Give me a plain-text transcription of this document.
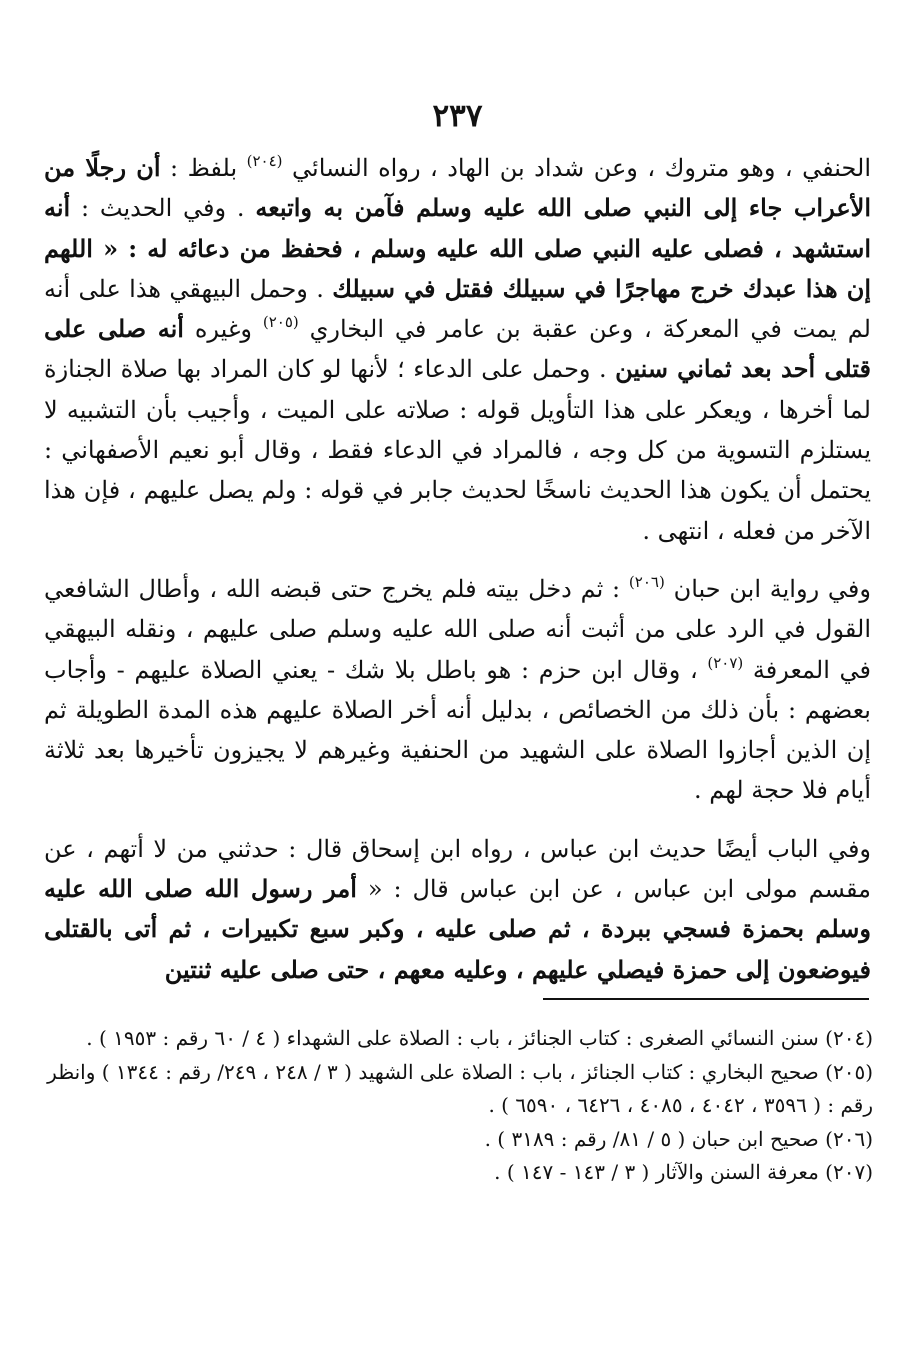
٢٣٧

الحنفي ، وهو متروك ، وعن شداد بن الهاد ، رواه النسائي $^{(٢٠٤)}$ بلفظ : أن رجلًا من الأعراب جاء إلى النبي صلى الله عليه وسلم فآمن به واتبعه . وفي الحديث : أنه استشهد ، فصلى عليه النبي صلى الله عليه وسلم ، فحفظ من دعائه له : « اللهم إن هذا عبدك خرج مهاجرًا في سبيلك فقتل في سبيلك . وحمل البيهقي هذا على أنه لم يمت في المعركة ، وعن عقبة بن عامر في البخاري $^{(٢٠٥)}$ وغيره أنه صلى على قتلى أحد بعد ثماني سنين . وحمل على الدعاء ؛ لأنها لو كان المراد بها صلاة الجنازة لما أخرها ، ويعكر على هذا التأويل قوله : صلاته على الميت ، وأجيب بأن التشبيه لا يستلزم التسوية من كل وجه ، فالمراد في الدعاء فقط ، وقال أبو نعيم الأصفهاني : يحتمل أن يكون هذا الحديث ناسخًا لحديث جابر في قوله : ولم يصل عليهم ، فإن هذا الآخر من فعله ، انتهى .

وفي رواية ابن حبان $^{(٢٠٦)}$ : ثم دخل بيته فلم يخرج حتى قبضه الله ، وأطال الشافعي القول في الرد على من أثبت أنه صلى الله عليه وسلم صلى عليهم ، ونقله البيهقي في المعرفة $^{(٢٠٧)}$ ، وقال ابن حزم : هو باطل بلا شك - يعني الصلاة عليهم - وأجاب بعضهم : بأن ذلك من الخصائص ، بدليل أنه أخر الصلاة عليهم هذه المدة الطويلة ثم إن الذين أجازوا الصلاة على الشهيد من الحنفية وغيرهم لا يجيزون تأخيرها بعد ثلاثة أيام فلا حجة لهم .

وفي الباب أيضًا حديث ابن عباس ، رواه ابن إسحاق قال : حدثني من لا أتهم ، عن مقسم مولى ابن عباس ، عن ابن عباس قال : « أمر رسول الله صلى الله عليه وسلم بحمزة فسجي ببردة ، ثم صلى عليه ، وكبر سبع تكبيرات ، ثم أتى بالقتلى فيوضعون إلى حمزة فيصلي عليهم ، وعليه معهم ، حتى صلى عليه ثنتين

(٢٠٤) سنن النسائي الصغرى : كتاب الجنائز ، باب : الصلاة على الشهداء ( ٤ / ٦٠ رقم : ١٩٥٣ ) .

(٢٠٥) صحيح البخاري : كتاب الجنائز ، باب : الصلاة على الشهيد ( ٣ / ٢٤٨ ، ٢٤٩/ رقم : ١٣٤٤ ) وانظر رقم : ( ٣٥٩٦ ، ٤٠٤٢ ، ٤٠٨٥ ، ٦٤٢٦ ، ٦٥٩٠ ) .

(٢٠٦) صحيح ابن حبان ( ٥ / ٨١/ رقم : ٣١٨٩ ) .

(٢٠٧) معرفة السنن والآثار ( ٣ / ١٤٣ - ١٤٧ ) .
